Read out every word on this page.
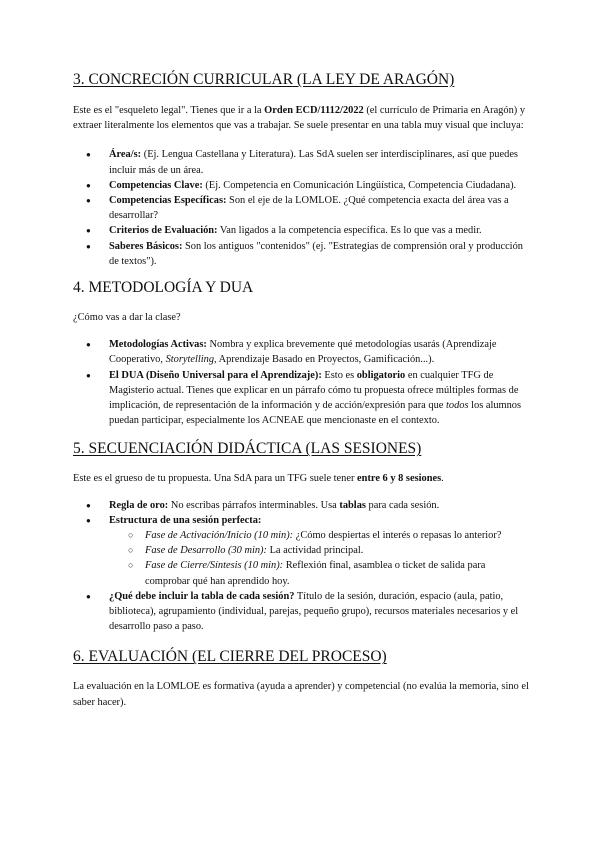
3. CONCRECIÓN CURRICULAR (LA LEY DE ARAGÓN)

Este es el "esqueleto legal". Tienes que ir a la Orden ECD/1112/2022 (el currículo de Primaria en Aragón) y extraer literalmente los elementos que vas a trabajar. Se suele presentar en una tabla muy visual que incluya:

● Área/s: (Ej. Lengua Castellana y Literatura). Las SdA suelen ser interdisciplinares, así que puedes incluir más de un área.
● Competencias Clave: (Ej. Competencia en Comunicación Lingüística, Competencia Ciudadana).
● Competencias Específicas: Son el eje de la LOMLOE. ¿Qué competencia exacta del área vas a desarrollar?
● Criterios de Evaluación: Van ligados a la competencia específica. Es lo que vas a medir.
● Saberes Básicos: Son los antiguos "contenidos" (ej. "Estrategias de comprensión oral y producción de textos").
4. METODOLOGÍA Y DUA

¿Cómo vas a dar la clase?

● Metodologías Activas: Nombra y explica brevemente qué metodologías usarás (Aprendizaje Cooperativo, Storytelling, Aprendizaje Basado en Proyectos, Gamificación...).
● El DUA (Diseño Universal para el Aprendizaje): Esto es obligatorio en cualquier TFG de Magisterio actual. Tienes que explicar en un párrafo cómo tu propuesta ofrece múltiples formas de implicación, de representación de la información y de acción/expresión para que todos los alumnos puedan participar, especialmente los ACNEAE que mencionaste en el contexto.
5. SECUENCIACIÓN DIDÁCTICA (LAS SESIONES)

Este es el grueso de tu propuesta. Una SdA para un TFG suele tener entre 6 y 8 sesiones.

● Regla de oro: No escribas párrafos interminables. Usa tablas para cada sesión.
● Estructura de una sesión perfecta:
○ Fase de Activación/Inicio (10 min): ¿Cómo despiertas el interés o repasas lo anterior?
○ Fase de Desarrollo (30 min): La actividad principal.
○ Fase de Cierre/Síntesis (10 min): Reflexión final, asamblea o ticket de salida para comprobar qué han aprendido hoy.
● ¿Qué debe incluir la tabla de cada sesión? Título de la sesión, duración, espacio (aula, patio, biblioteca), agrupamiento (individual, parejas, pequeño grupo), recursos materiales necesarios y el desarrollo paso a paso.
6. EVALUACIÓN (EL CIERRE DEL PROCESO)

La evaluación en la LOMLOE es formativa (ayuda a aprender) y competencial (no evalúa la memoria, sino el saber hacer).
